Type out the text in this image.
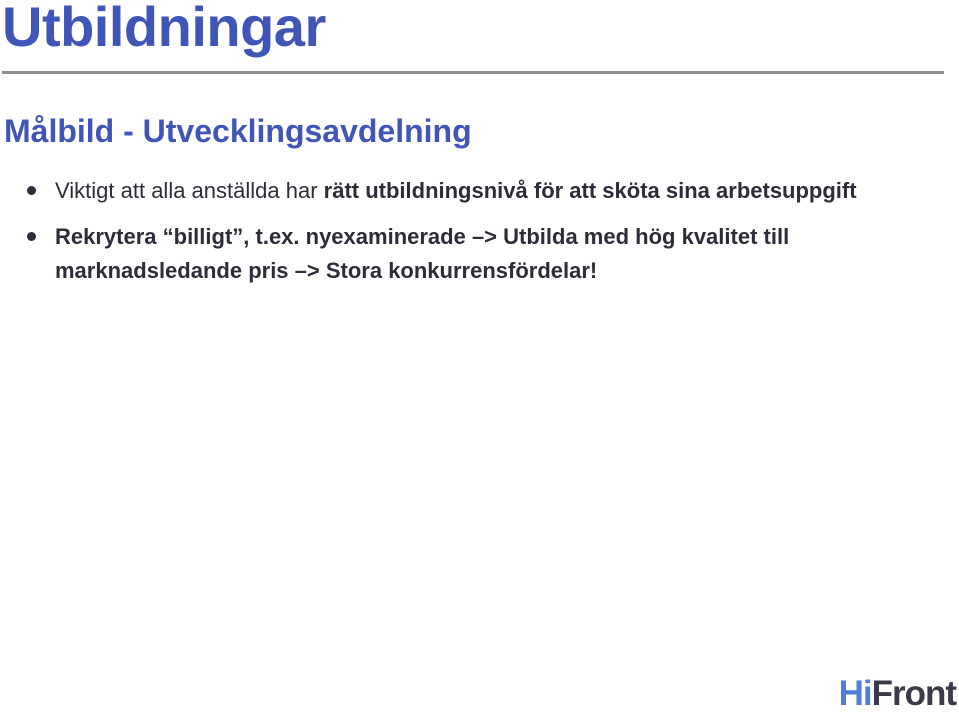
Utbildningar
Målbild - Utvecklingsavdelning
Viktigt att alla anställda har rätt utbildningsnivå för att sköta sina arbetsuppgift
Rekrytera “billigt”, t.ex. nyexaminerade –> Utbilda med hög kvalitet till marknadsledande pris –> Stora konkurrensfördelar!
HiFront
